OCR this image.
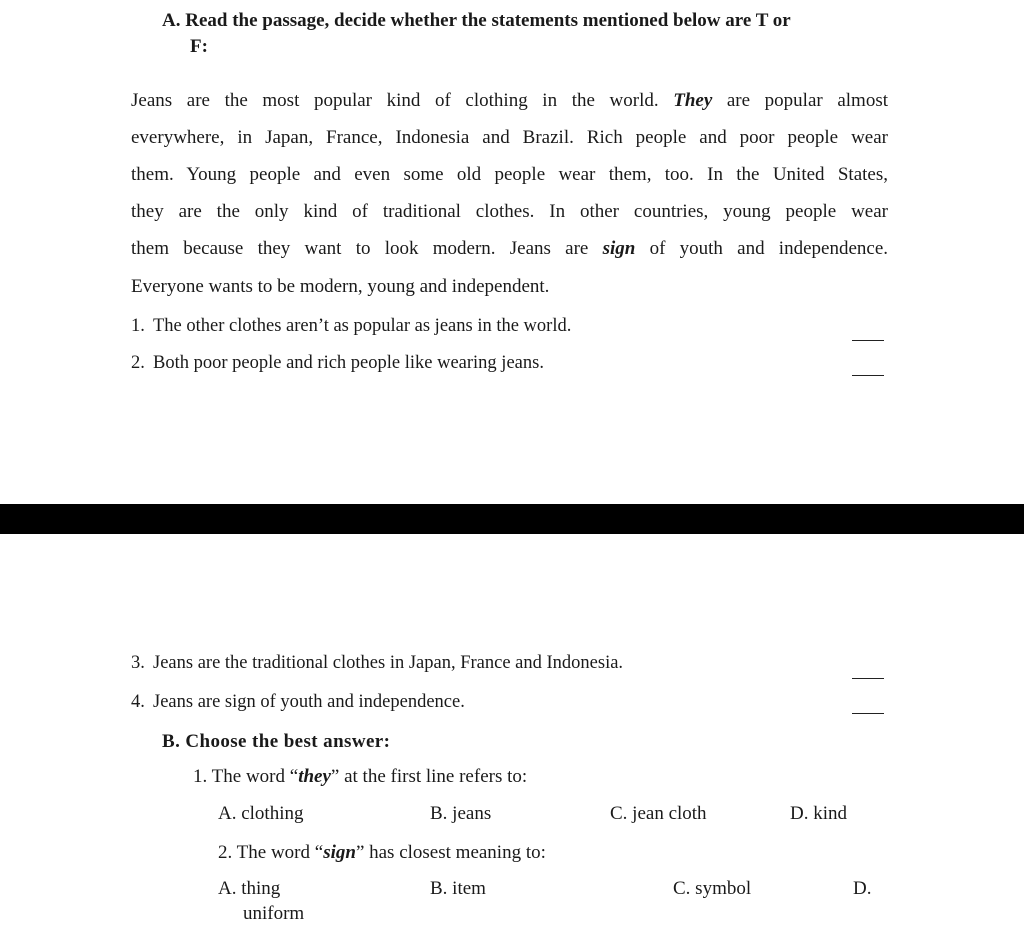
A. Read the passage, decide whether the statements mentioned below are T or
F:
Jeans are the most popular kind of clothing in the world. They are popular almost
everywhere, in Japan, France, Indonesia and Brazil. Rich people and poor people wear
them. Young people and even some old people wear them, too. In the United States,
they are the only kind of traditional clothes. In other countries, young people wear
them because they want to look modern. Jeans are sign of youth and independence.
Everyone wants to be modern, young and independent.
1. The other clothes aren’t as popular as jeans in the world.
2. Both poor people and rich people like wearing jeans.
3. Jeans are the traditional clothes in Japan, France and Indonesia.
4. Jeans are sign of youth and independence.
B. Choose the best answer:
1. The word “they” at the first line refers to:
A. clothing	B. jeans	C. jean cloth	D. kind
2. The word “sign” has closest meaning to:
A. thing
uniform
B. item	C. symbol	D.
